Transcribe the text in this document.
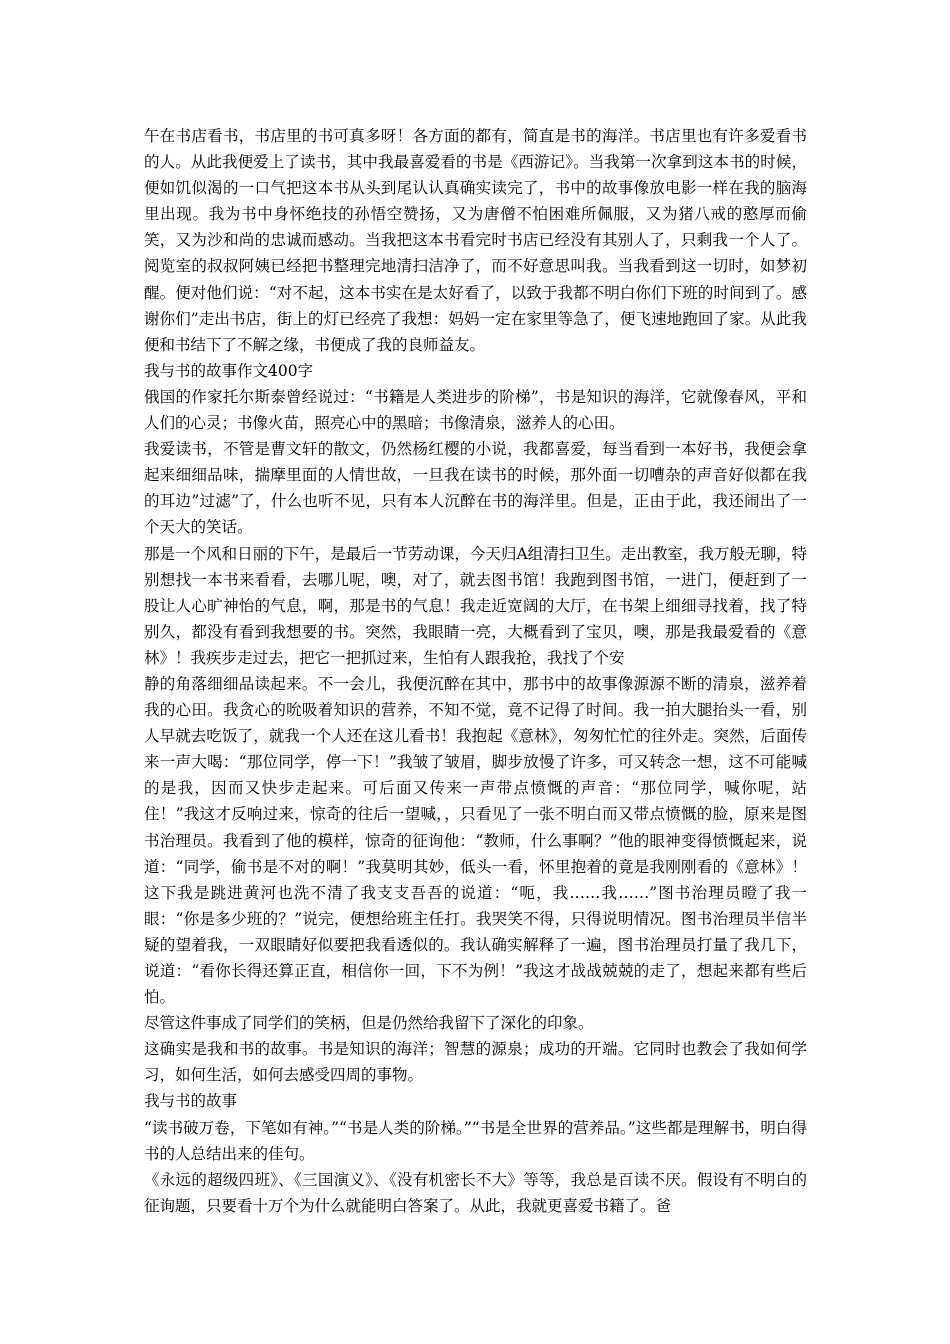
午在书店看书，书店里的书可真多呀！各方面的都有，简直是书的海洋。书店里也有许多爱看书的人。从此我便爱上了读书，其中我最喜爱看的书是《西游记》。当我第一次拿到这本书的时候，便如饥似渴的一口气把这本书从头到尾认认真确实读完了，书中的故事像放电影一样在我的脑海里出现。我为书中身怀绝技的孙悟空赞扬，又为唐僧不怕困难所佩服，又为猪八戒的憨厚而偷笑，又为沙和尚的忠诚而感动。当我把这本书看完时书店已经没有其别人了，只剩我一个人了。阅览室的叔叔阿姨已经把书整理完地清扫洁净了，而不好意思叫我。当我看到这一切时，如梦初醒。便对他们说：“对不起，这本书实在是太好看了，以致于我都不明白你们下班的时间到了。感谢你们”走出书店，街上的灯已经亮了我想：妈妈一定在家里等急了，便飞速地跑回了家。从此我便和书结下了不解之缘，书便成了我的良师益友。

我与书的故事作文400字

俄国的作家托尔斯泰曾经说过：“书籍是人类进步的阶梯”，书是知识的海洋，它就像春风，平和人们的心灵；书像火苗，照亮心中的黑暗；书像清泉，滋养人的心田。

我爱读书，不管是曹文轩的散文，仍然杨红樱的小说，我都喜爱，每当看到一本好书，我便会拿起来细细品味，揣摩里面的人情世故，一旦我在读书的时候，那外面一切嘈杂的声音好似都在我的耳边”过滤”了，什么也听不见，只有本人沉醉在书的海洋里。但是，正由于此，我还闹出了一个天大的笑话。

那是一个风和日丽的下午，是最后一节劳动课，今天归A组清扫卫生。走出教室，我万般无聊，特别想找一本书来看看，去哪儿呢，噢，对了，就去图书馆！我跑到图书馆，一进门，便赶到了一股让人心旷神怡的气息，啊，那是书的气息！我走近宽阔的大厅，在书架上细细寻找着，找了特别久，都没有看到我想要的书。突然，我眼睛一亮，大概看到了宝贝，噢，那是我最爱看的《意林》！我疾步走过去，把它一把抓过来，生怕有人跟我抢，我找了个安

静的角落细细品读起来。不一会儿，我便沉醉在其中，那书中的故事像源源不断的清泉，滋养着我的心田。我贪心的吮吸着知识的营养，不知不觉，竟不记得了时间。我一拍大腿抬头一看，别人早就去吃饭了，就我一个人还在这儿看书！我抱起《意林》，匆匆忙忙的往外走。突然，后面传来一声大喝：“那位同学，停一下！”我皱了皱眉，脚步放慢了许多，可又转念一想，这不可能喊的是我，因而又快步走起来。可后面又传来一声带点愤慨的声音：“那位同学，喊你呢，站住！”我这才反响过来，惊奇的往后一望喊，，只看见了一张不明白而又带点愤慨的脸，原来是图书治理员。我看到了他的模样，惊奇的征询他：“教师，什么事啊？”他的眼神变得愤慨起来，说道：“同学，偷书是不对的啊！”我莫明其妙，低头一看，怀里抱着的竟是我刚刚看的《意林》！这下我是跳进黄河也洗不清了我支支吾吾的说道：“呃，我……我……”图书治理员瞪了我一眼：“你是多少班的？”说完，便想给班主任打。我哭笑不得，只得说明情况。图书治理员半信半疑的望着我，一双眼睛好似要把我看透似的。我认确实解释了一遍，图书治理员打量了我几下，说道：“看你长得还算正直，相信你一回，下不为例！”我这才战战兢兢的走了，想起来都有些后怕。

尽管这件事成了同学们的笑柄，但是仍然给我留下了深化的印象。

这确实是我和书的故事。书是知识的海洋；智慧的源泉；成功的开端。它同时也教会了我如何学习，如何生活，如何去感受四周的事物。

我与书的故事

“读书破万卷，下笔如有神。”“书是人类的阶梯。”“书是全世界的营养品。”这些都是理解书，明白得书的人总结出来的佳句。

《永远的超级四班》、《三国演义》、《没有机密长不大》等等，我总是百读不厌。假设有不明白的征询题，只要看十万个为什么就能明白答案了。从此，我就更喜爱书籍了。爸
